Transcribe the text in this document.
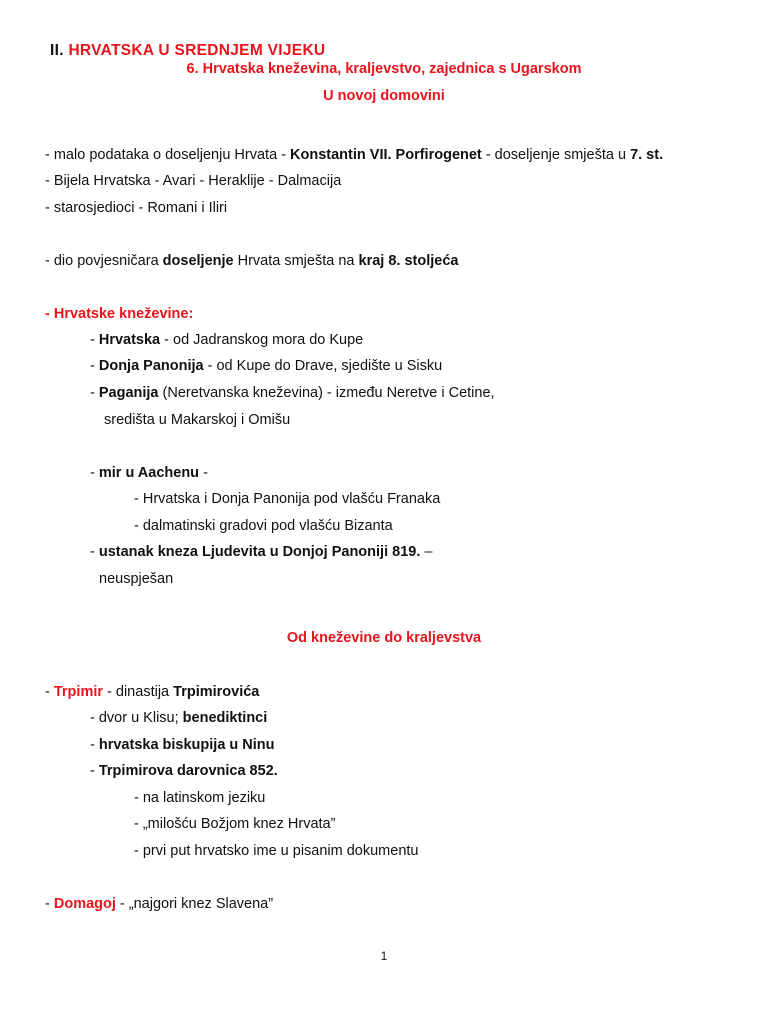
II. HRVATSKA U SREDNJEM VIJEKU
6. Hrvatska kneževina, kraljevstvo, zajednica s Ugarskom
U novoj domovini
- malo podataka o doseljenju Hrvata - Konstantin VII. Porfirogenet - doseljenje smješta u 7. st.
- Bijela Hrvatska - Avari - Heraklije - Dalmacija
- starosjedioci - Romani i Iliri
- dio povjesničara doseljenje Hrvata smješta na kraj 8. stoljeća
- Hrvatske kneževine:
- Hrvatska - od Jadranskog mora do Kupe
- Donja Panonija - od Kupe do Drave, sjedište u Sisku
- Paganija (Neretvanska kneževina) - između Neretve i Cetine,
središta u Makarskoj i Omišu
- mir u Aachenu -
- Hrvatska i Donja Panonija pod vlašću Franaka
- dalmatinski gradovi pod vlašću Bizanta
- ustanak kneza Ljudevita u Donjoj Panoniji 819. –
neuspješan
Od kneževine do kraljevstva
- Trpimir - dinastija Trpimirovića
- dvor u Klisu; benediktinci
- hrvatska biskupija u Ninu
- Trpimirova darovnica 852.
- na latinskom jeziku
- „milošću Božjom knez Hrvata”
- prvi put hrvatsko ime u pisanim dokumentu
- Domagoj - „najgori knez Slavena”
1
